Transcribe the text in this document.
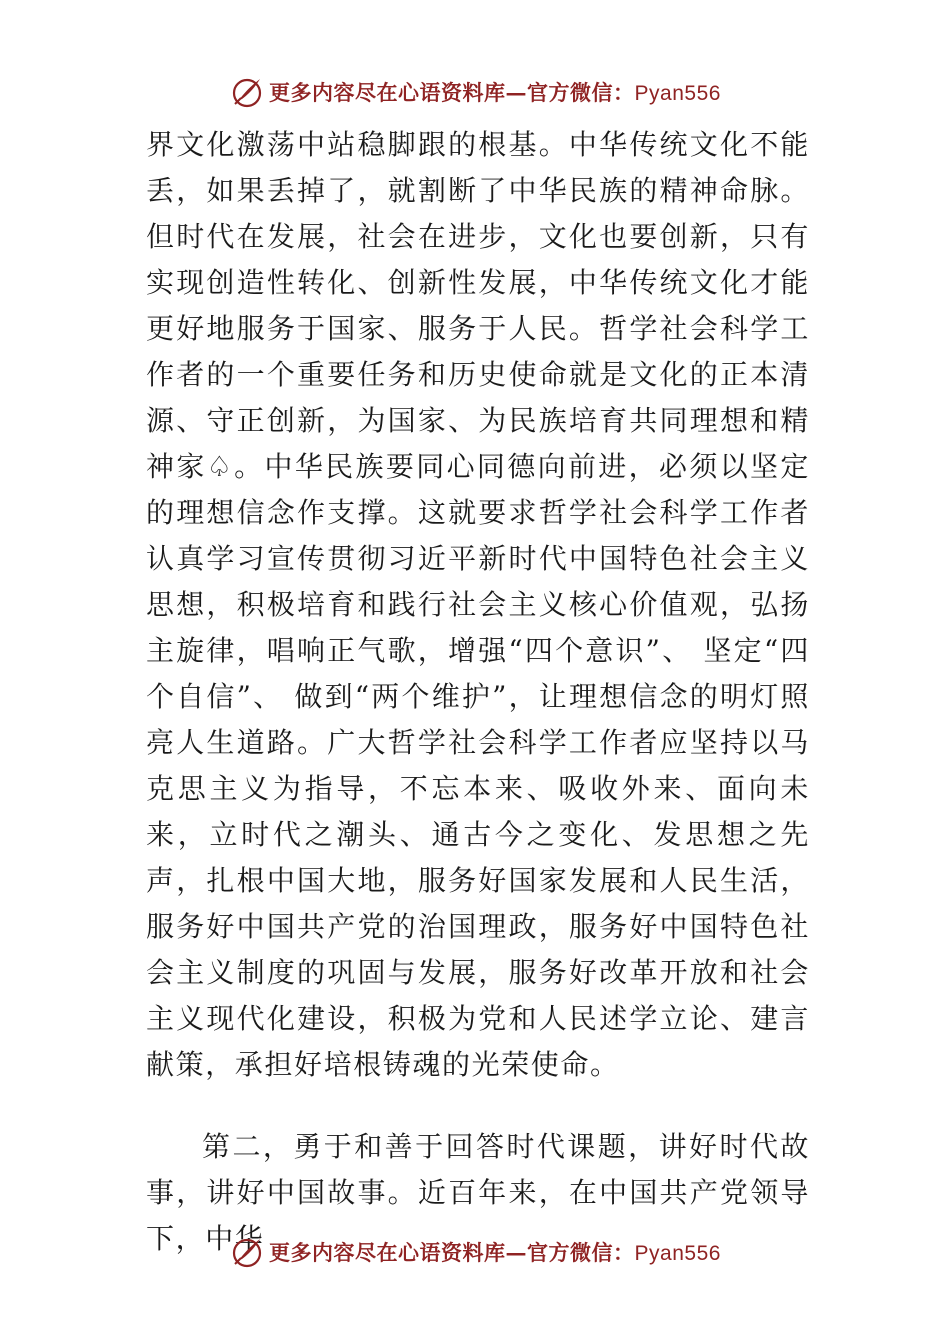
更多内容尽在心语资料库—官方微信：Pyan556

界文化激荡中站稳脚跟的根基。中华传统文化不能丢，如果丢掉了，就割断了中华民族的精神命脉。但时代在发展，社会在进步，文化也要创新，只有实现创造性转化、创新性发展，中华传统文化才能更好地服务于国家、服务于人民。哲学社会科学工作者的一个重要任务和历史使命就是文化的正本清源、守正创新，为国家、为民族培育共同理想和精神家♤。中华民族要同心同德向前进，必须以坚定的理想信念作支撑。这就要求哲学社会科学工作者认真学习宣传贯彻习近平新时代中国特色社会主义思想，积极培育和践行社会主义核心价值观，弘扬主旋律，唱响正气歌，增强“四个意识”、 坚定“四个自信”、 做到“两个维护”，让理想信念的明灯照亮人生道路。广大哲学社会科学工作者应坚持以马克思主义为指导，不忘本来、吸收外来、面向未来，立时代之潮头、通古今之变化、发思想之先声，扎根中国大地，服务好国家发展和人民生活，服务好中国共产党的治国理政，服务好中国特色社会主义制度的巩固与发展，服务好改革开放和社会主义现代化建设，积极为党和人民述学立论、建言献策，承担好培根铸魂的光荣使命。

第二，勇于和善于回答时代课题，讲好时代故事，讲好中国故事。近百年来，在中国共产党领导下，中华 更多内容尽在心语资料库—官方微信：Pyan556
